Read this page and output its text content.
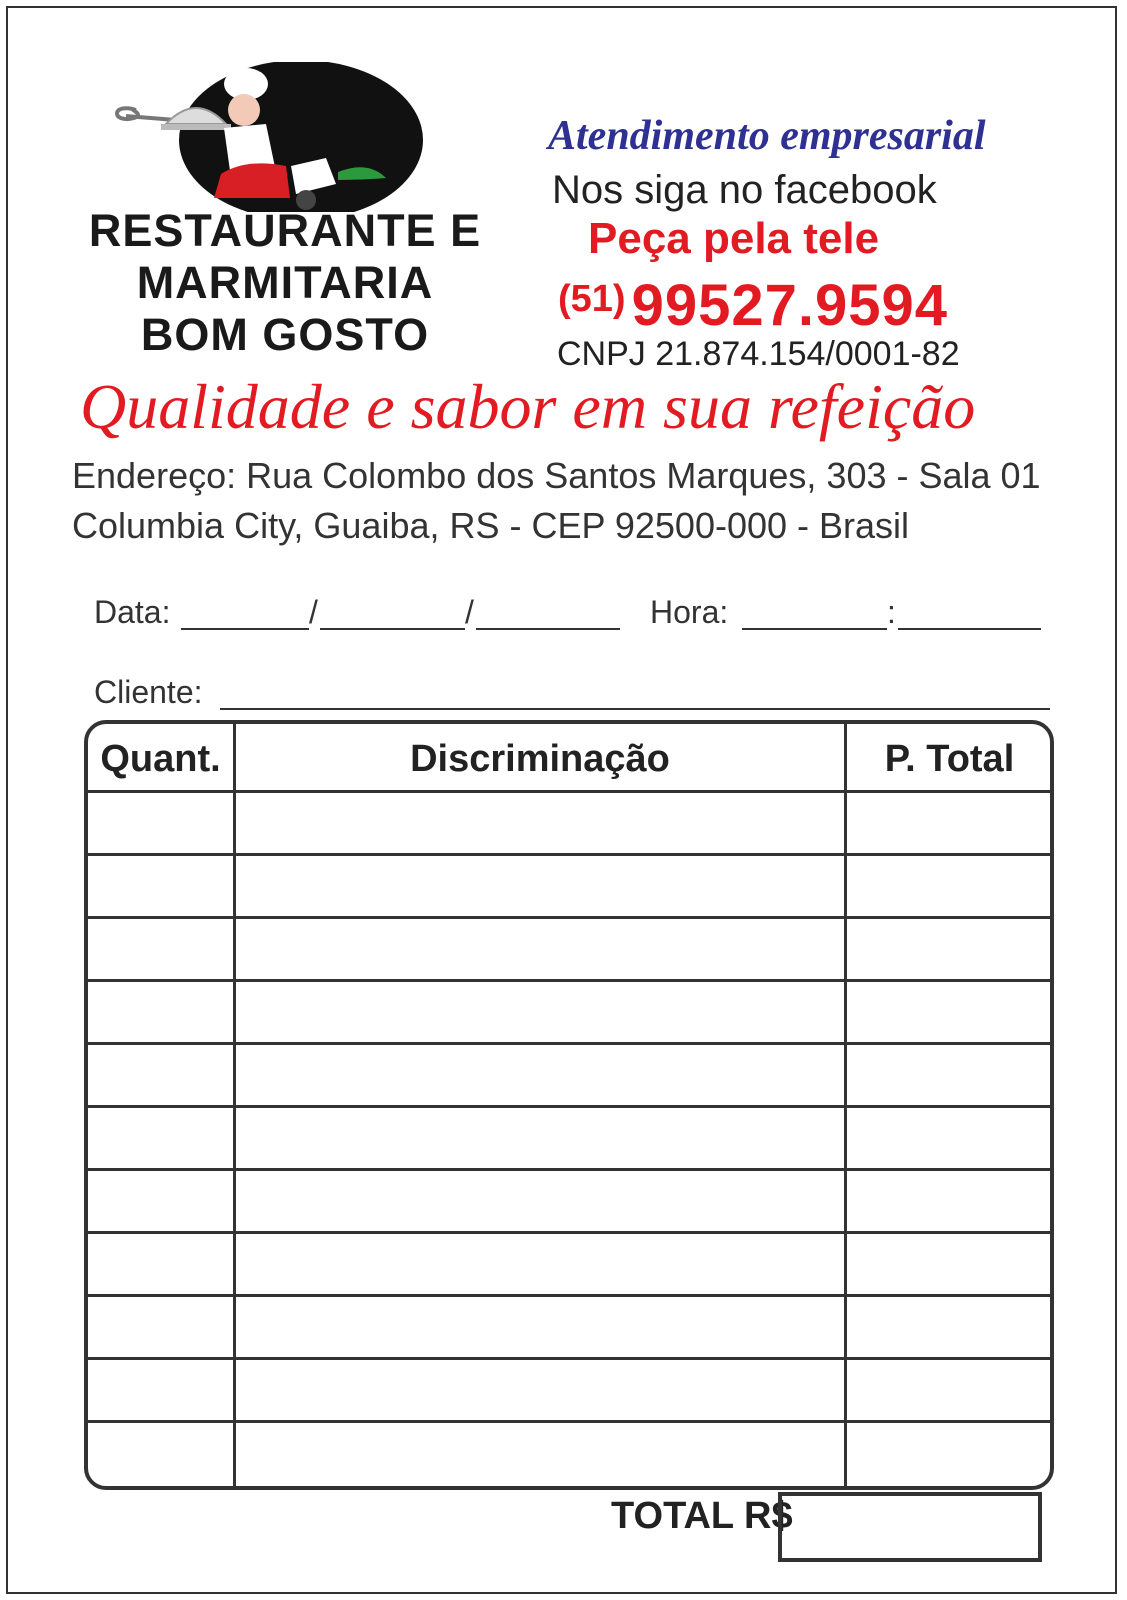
RESTAURANTE E
MARMITARIA
BOM GOSTO
Atendimento empresarial
Nos siga no facebook
Peça pela tele
(51) 99527.9594
CNPJ 21.874.154/0001-82
Qualidade e sabor em sua refeição
Endereço: Rua Colombo dos Santos Marques, 303 - Sala 01
Columbia City, Guaiba, RS - CEP 92500-000 - Brasil
Data:	/	/	Hora:	:
Cliente:
Quant.	Discriminação	P. Total
TOTAL R$
